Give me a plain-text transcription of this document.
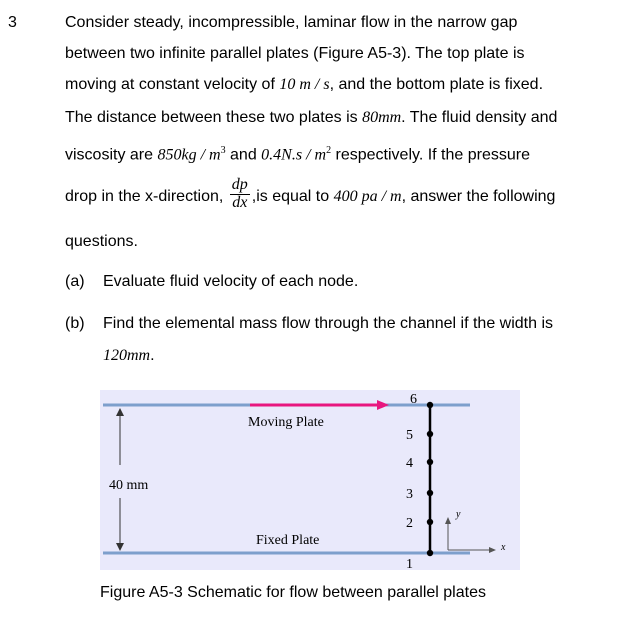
3	Consider steady, incompressible, laminar flow in the narrow gap
between two infinite parallel plates (Figure A5-3). The top plate is
moving at constant velocity of 10 m / s, and the bottom plate is fixed.
The distance between these two plates is 80mm. The fluid density and
viscosity are $850kg / m^3$ and $0.4N.s / m^2$ respectively. If the pressure
drop in the x-direction, $\frac{dp}{dx} ,is$ equal to 400 pa / m, answer the following
questions.
(a) Evaluate fluid velocity of each node.
(b) Find the elemental mass flow through the channel if the width is
120mm.
Moving Plate
Fixed Plate
40 mm
1
2
3
4
5
6
y
x
Figure A5-3 Schematic for flow between parallel plates
